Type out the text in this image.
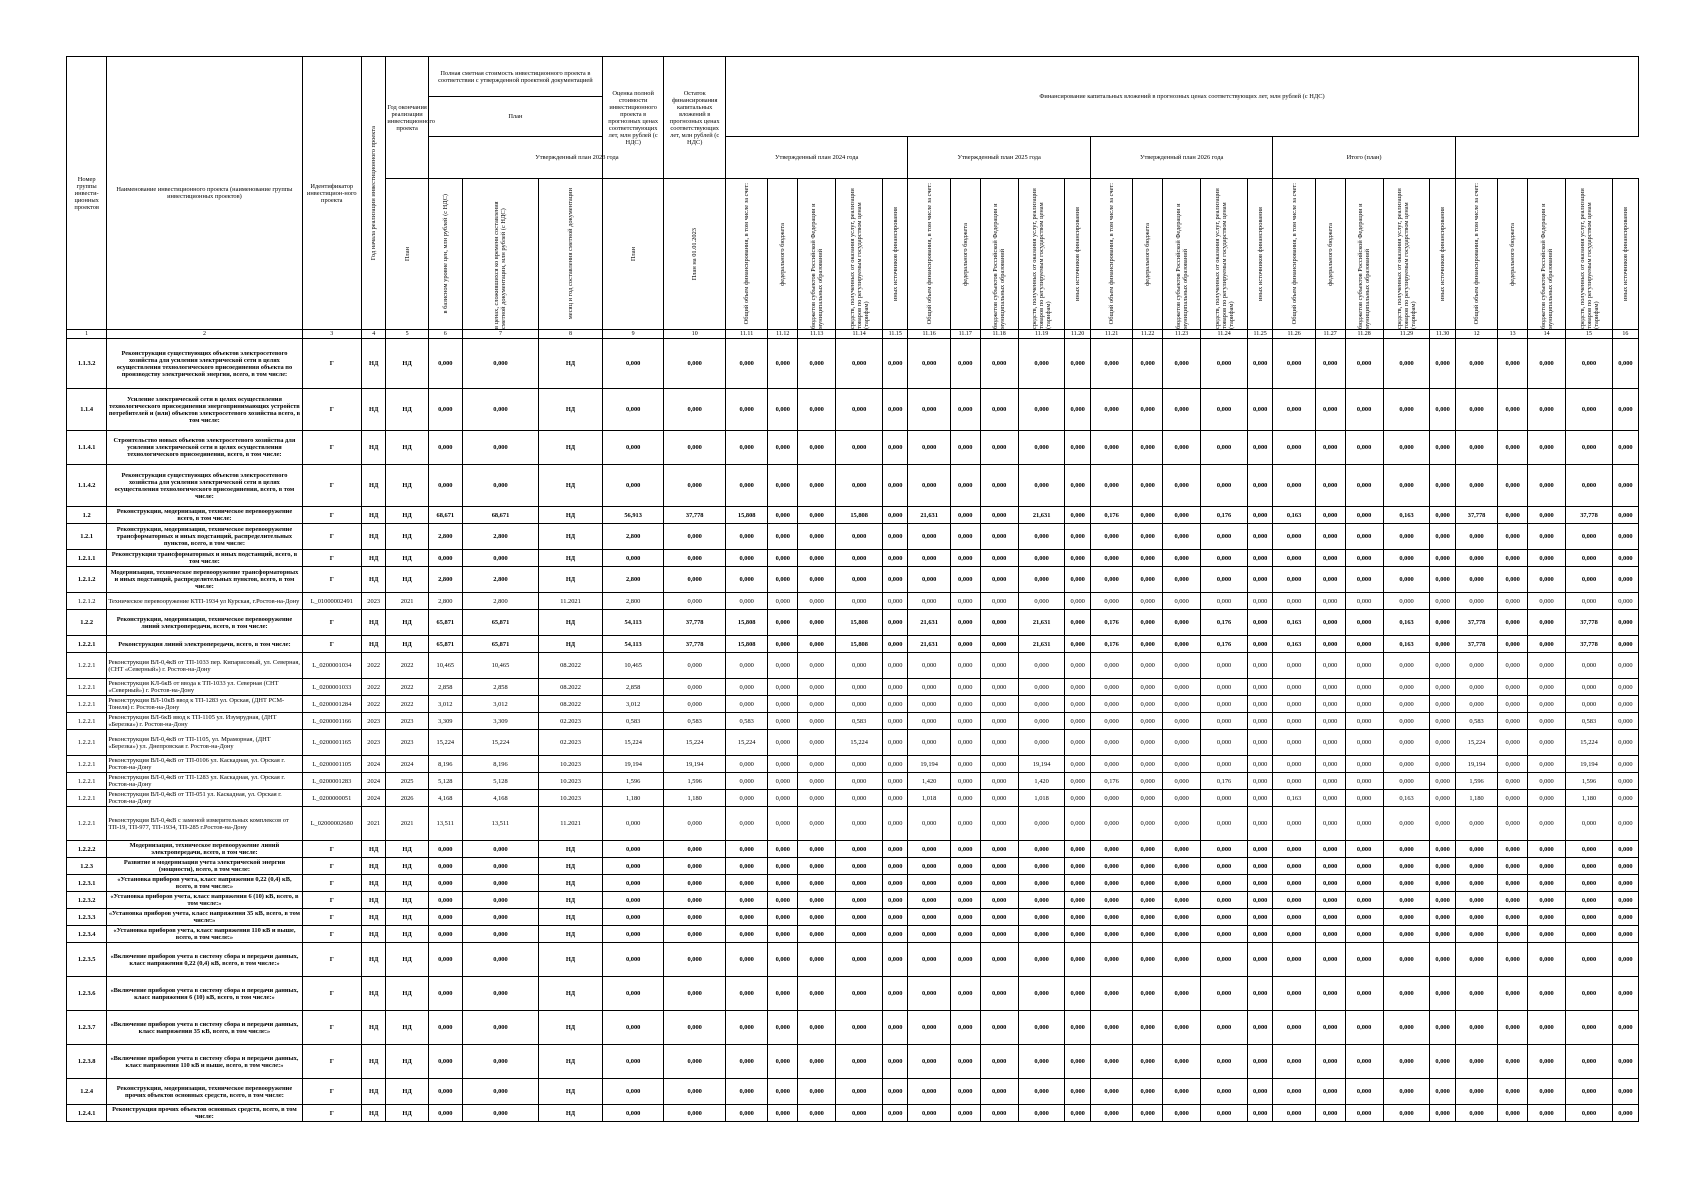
Номер группы инвести-ционных проектов	Наименование инвестиционного проекта (наименование группы инвестиционных проектов)	Идентификатор инвестицион-ного проекта	Год начала реализации инвестиционного проекта	Год окончания реализации инвестиционного проекта	Полная сметная стоимость инвестиционного проекта в соответствии с утвержденной проектной документацией			Оценка полной стоимости инвестиционного проекта в прогнозных ценах соответствующих лет, млн рублей (с НДС)	Остаток финансирования капитальных вложений в прогнозных ценах соответствующих лет, млн рублей (с НДС)	Финансирование капитальных вложений в прогнозных ценах соответствующих лет, млн рублей (с НДС)																								
					План																													
					Утвержденный план 2023 года					Утвержденный план 2024 года					Утвержденный план 2025 года					Утвержденный план 2026 года					Итого (план)									

				План	в базисном уровне цен, млн рублей (с НДС)	в ценах, сложившихся ко времени составления сметной документации, млн рублей (с НДС)	месяц и год составления сметной документации	План	План на 01.01.2023	Общий объем финансирования, в том числе за счет:	федерального бюджета	бюджетов субъектов Российской Федерации и муниципальных образований	средств, полученных от оказания услуг, реализации товаров по регулируемым государством ценам (тарифам)	иных источников финансирования	Общий объем финансирования, в том числе за счет:	федерального бюджета	бюджетов субъектов Российской Федерации и муниципальных образований	средств, полученных от оказания услуг, реализации товаров по регулируемым государством ценам (тарифам)	иных источников финансирования	Общий объем финансирования, в том числе за счет:	федерального бюджета	бюджетов субъектов Российской Федерации и муниципальных образований	средств, полученных от оказания услуг, реализации товаров по регулируемым государством ценам (тарифам)	иных источников финансирования	Общий объем финансирования, в том числе за счет:	федерального бюджета	бюджетов субъектов Российской Федерации и муниципальных образований	средств, полученных от оказания услуг, реализации товаров по регулируемым государством ценам (тарифам)	иных источников финансирования	Общий объем финансирования, в том числе за счет:	федерального бюджета	бюджетов субъектов Российской Федерации и муниципальных образований	средств, полученных от оказания услуг, реализации товаров по регулируемым государством ценам (тарифам)	иных источников финансирования

1	2	3	4	5	6	7	8	9	10	11.11	11.12	11.13	11.14	11.15	11.16	11.17	11.18	11.19	11.20	11.21	11.22	11.23	11.24	11.25	11.26	11.27	11.28	11.29	11.30	12	13	14	15	16
1.1.3.2	Реконструкция существующих объектов электросетевого хозяйства для усиления электрической сети в целях осуществления технологического присоединения объекта по производству электрической энергии, всего, в том числе:	Г	НД	НД	0,000	0,000	НД	0,000	0,000	0,000	0,000	0,000	0,000	0,000	0,000	0,000	0,000	0,000	0,000	0,000	0,000	0,000	0,000	0,000	0,000	0,000	0,000	0,000	0,000	0,000	0,000	0,000	0,000	0,000
1.1.4	Усиление электрической сети в целях осуществления технологического присоединения энергопринимающих устройств потребителей и (или) объектов электросетевого хозяйства всего, в том числе:	Г	НД	НД	0,000	0,000	НД	0,000	0,000	0,000	0,000	0,000	0,000	0,000	0,000	0,000	0,000	0,000	0,000	0,000	0,000	0,000	0,000	0,000	0,000	0,000	0,000	0,000	0,000	0,000	0,000	0,000	0,000	0,000
1.1.4.1	Строительство новых объектов электросетевого хозяйства для усиления электрической сети в целях осуществления технологического присоединения, всего, в том числе:	Г	НД	НД	0,000	0,000	НД	0,000	0,000	0,000	0,000	0,000	0,000	0,000	0,000	0,000	0,000	0,000	0,000	0,000	0,000	0,000	0,000	0,000	0,000	0,000	0,000	0,000	0,000	0,000	0,000	0,000	0,000	0,000
1.1.4.2	Реконструкция существующих объектов электросетевого хозяйства для усиления электрической сети в целях осуществления технологического присоединения, всего, в том числе:	Г	НД	НД	0,000	0,000	НД	0,000	0,000	0,000	0,000	0,000	0,000	0,000	0,000	0,000	0,000	0,000	0,000	0,000	0,000	0,000	0,000	0,000	0,000	0,000	0,000	0,000	0,000	0,000	0,000	0,000	0,000	0,000
1.2	Реконструкция, модернизация, техническое перевооружение всего, в том числе:	Г	НД	НД	68,671	68,671	НД	56,913	37,778	15,808	0,000	0,000	15,808	0,000	21,631	0,000	0,000	21,631	0,000	0,176	0,000	0,000	0,176	0,000	0,163	0,000	0,000	0,163	0,000	37,778	0,000	0,000	37,778	0,000
1.2.1	Реконструкция, модернизация, техническое перевооружение трансформаторных и иных подстанций, распределительных пунктов, всего, в том числе:	Г	НД	НД	2,800	2,800	НД	2,800	0,000	0,000	0,000	0,000	0,000	0,000	0,000	0,000	0,000	0,000	0,000	0,000	0,000	0,000	0,000	0,000	0,000	0,000	0,000	0,000	0,000	0,000	0,000	0,000	0,000	0,000
1.2.1.1	Реконструкция трансформаторных и иных подстанций, всего, в том числе:	Г	НД	НД	0,000	0,000	НД	0,000	0,000	0,000	0,000	0,000	0,000	0,000	0,000	0,000	0,000	0,000	0,000	0,000	0,000	0,000	0,000	0,000	0,000	0,000	0,000	0,000	0,000	0,000	0,000	0,000	0,000	0,000
1.2.1.2	Модернизация, техническое перевооружение трансформаторных и иных подстанций, распределительных пунктов, всего, в том числе:	Г	НД	НД	2,800	2,800	НД	2,800	0,000	0,000	0,000	0,000	0,000	0,000	0,000	0,000	0,000	0,000	0,000	0,000	0,000	0,000	0,000	0,000	0,000	0,000	0,000	0,000	0,000	0,000	0,000	0,000	0,000	0,000
1.2.1.2	Техническое перевооружение КТП-1934 ул Курская, г.Ростов-на-Дону	L_01000002491	2023	2021	2,800	2,800	11.2021	2,800	0,000	0,000	0,000	0,000	0,000	0,000	0,000	0,000	0,000	0,000	0,000	0,000	0,000	0,000	0,000	0,000	0,000	0,000	0,000	0,000	0,000	0,000	0,000	0,000	0,000	0,000
1.2.2	Реконструкция, модернизация, техническое перевооружение линий электропередачи, всего, в том числе:	Г	НД	НД	65,871	65,871	НД	54,113	37,778	15,808	0,000	0,000	15,808	0,000	21,631	0,000	0,000	21,631	0,000	0,176	0,000	0,000	0,176	0,000	0,163	0,000	0,000	0,163	0,000	37,778	0,000	0,000	37,778	0,000
1.2.2.1	Реконструкция линий электропередачи, всего, в том числе:	Г	НД	НД	65,871	65,871	НД	54,113	37,778	15,808	0,000	0,000	15,808	0,000	21,631	0,000	0,000	21,631	0,000	0,176	0,000	0,000	0,176	0,000	0,163	0,000	0,000	0,163	0,000	37,778	0,000	0,000	37,778	0,000
1.2.2.1	Реконструкция ВЛ-0,4кВ от ТП-1033 пер. Кипарисовый, ул. Северная, (СНТ «Северный») г. Ростов-на-Дону	L_0200001034	2022	2022	10,465	10,465	08.2022	10,465	0,000	0,000	0,000	0,000	0,000	0,000	0,000	0,000	0,000	0,000	0,000	0,000	0,000	0,000	0,000	0,000	0,000	0,000	0,000	0,000	0,000	0,000	0,000	0,000	0,000	0,000
1.2.2.1	Реконструкция КЛ-6кВ от ввода к ТП-1033 ул. Северная (СНТ «Северный») г. Ростов-на-Дону	L_0200001033	2022	2022	2,858	2,858	08.2022	2,858	0,000	0,000	0,000	0,000	0,000	0,000	0,000	0,000	0,000	0,000	0,000	0,000	0,000	0,000	0,000	0,000	0,000	0,000	0,000	0,000	0,000	0,000	0,000	0,000	0,000	0,000
1.2.2.1	Реконструкция ВЛ-10кВ ввод к ТП-1283 ул. Орская, (ДНТ РСМ-Тонеля) г. Ростов-на-Дону	L_0200001284	2022	2022	3,012	3,012	08.2022	3,012	0,000	0,000	0,000	0,000	0,000	0,000	0,000	0,000	0,000	0,000	0,000	0,000	0,000	0,000	0,000	0,000	0,000	0,000	0,000	0,000	0,000	0,000	0,000	0,000	0,000	0,000
1.2.2.1	Реконструкция ВЛ-6кВ ввод к ТП-1105 ул. Изумрудная, (ДНТ «Березка») г. Ростов-на-Дону	L_0200001166	2023	2023	3,309	3,309	02.2023	0,583	0,583	0,583	0,000	0,000	0,583	0,000	0,000	0,000	0,000	0,000	0,000	0,000	0,000	0,000	0,000	0,000	0,000	0,000	0,000	0,000	0,000	0,583	0,000	0,000	0,583	0,000
1.2.2.1	Реконструкция ВЛ-0,4кВ от ТП-1105, ул. Мраморная, (ДНТ «Березка») ул. Днепровская г. Ростов-на-Дону	L_0200001165	2023	2023	15,224	15,224	02.2023	15,224	15,224	15,224	0,000	0,000	15,224	0,000	0,000	0,000	0,000	0,000	0,000	0,000	0,000	0,000	0,000	0,000	0,000	0,000	0,000	0,000	0,000	15,224	0,000	0,000	15,224	0,000
1.2.2.1	Реконструкция ВЛ-0,4кВ от ТП-0106 ул. Каскадная, ул. Орская г. Ростов-на-Дону	L_0200001105	2024	2024	8,196	8,196	10.2023	19,194	19,194	0,000	0,000	0,000	0,000	0,000	19,194	0,000	0,000	19,194	0,000	0,000	0,000	0,000	0,000	0,000	0,000	0,000	0,000	0,000	0,000	19,194	0,000	0,000	19,194	0,000
1.2.2.1	Реконструкция ВЛ-0,4кВ от ТП-1283 ул. Каскадная, ул. Орская г. Ростов-на-Дону	L_0200001283	2024	2025	5,128	5,128	10.2023	1,596	1,596	0,000	0,000	0,000	0,000	0,000	1,420	0,000	0,000	1,420	0,000	0,176	0,000	0,000	0,176	0,000	0,000	0,000	0,000	0,000	0,000	1,596	0,000	0,000	1,596	0,000
1.2.2.1	Реконструкция ВЛ-0,4кВ от ТП-051 ул. Каскадная, ул. Орская г. Ростов-на-Дону	L_0200000051	2024	2026	4,168	4,168	10.2023	1,180	1,180	0,000	0,000	0,000	0,000	0,000	1,018	0,000	0,000	1,018	0,000	0,000	0,000	0,000	0,000	0,000	0,163	0,000	0,000	0,163	0,000	1,180	0,000	0,000	1,180	0,000
1.2.2.1	Реконструкция ВЛ-0,4кВ с заменой измерительных комплексов от ТП-19, ТП-977, ТП-1934, ТП-285 г.Ростов-на-Дону	L_02000002680	2021	2021	13,511	13,511	11.2021	0,000	0,000	0,000	0,000	0,000	0,000	0,000	0,000	0,000	0,000	0,000	0,000	0,000	0,000	0,000	0,000	0,000	0,000	0,000	0,000	0,000	0,000	0,000	0,000	0,000	0,000	0,000
1.2.2.2	Модернизация, техническое перевооружение линий электропередачи, всего, в том числе:	Г	НД	НД	0,000	0,000	НД	0,000	0,000	0,000	0,000	0,000	0,000	0,000	0,000	0,000	0,000	0,000	0,000	0,000	0,000	0,000	0,000	0,000	0,000	0,000	0,000	0,000	0,000	0,000	0,000	0,000	0,000	0,000
1.2.3	Развитие и модернизация учета электрической энергии (мощности), всего, в том числе:	Г	НД	НД	0,000	0,000	НД	0,000	0,000	0,000	0,000	0,000	0,000	0,000	0,000	0,000	0,000	0,000	0,000	0,000	0,000	0,000	0,000	0,000	0,000	0,000	0,000	0,000	0,000	0,000	0,000	0,000	0,000	0,000
1.2.3.1	«Установка приборов учета, класс напряжения 0,22 (0,4) кВ, всего, в том числе:»	Г	НД	НД	0,000	0,000	НД	0,000	0,000	0,000	0,000	0,000	0,000	0,000	0,000	0,000	0,000	0,000	0,000	0,000	0,000	0,000	0,000	0,000	0,000	0,000	0,000	0,000	0,000	0,000	0,000	0,000	0,000	0,000
1.2.3.2	«Установка приборов учета, класс напряжения 6 (10) кВ, всего, в том числе:»	Г	НД	НД	0,000	0,000	НД	0,000	0,000	0,000	0,000	0,000	0,000	0,000	0,000	0,000	0,000	0,000	0,000	0,000	0,000	0,000	0,000	0,000	0,000	0,000	0,000	0,000	0,000	0,000	0,000	0,000	0,000	0,000
1.2.3.3	«Установка приборов учета, класс напряжения 35 кВ, всего, в том числе:»	Г	НД	НД	0,000	0,000	НД	0,000	0,000	0,000	0,000	0,000	0,000	0,000	0,000	0,000	0,000	0,000	0,000	0,000	0,000	0,000	0,000	0,000	0,000	0,000	0,000	0,000	0,000	0,000	0,000	0,000	0,000	0,000
1.2.3.4	«Установка приборов учета, класс напряжения 110 кВ и выше, всего, в том числе:»	Г	НД	НД	0,000	0,000	НД	0,000	0,000	0,000	0,000	0,000	0,000	0,000	0,000	0,000	0,000	0,000	0,000	0,000	0,000	0,000	0,000	0,000	0,000	0,000	0,000	0,000	0,000	0,000	0,000	0,000	0,000	0,000
1.2.3.5	«Включение приборов учета в систему сбора и передачи данных, класс напряжения 0,22 (0,4) кВ, всего, в том числе:»	Г	НД	НД	0,000	0,000	НД	0,000	0,000	0,000	0,000	0,000	0,000	0,000	0,000	0,000	0,000	0,000	0,000	0,000	0,000	0,000	0,000	0,000	0,000	0,000	0,000	0,000	0,000	0,000	0,000	0,000	0,000	0,000
1.2.3.6	«Включение приборов учета в систему сбора и передачи данных, класс напряжения 6 (10) кВ, всего, в том числе:»	Г	НД	НД	0,000	0,000	НД	0,000	0,000	0,000	0,000	0,000	0,000	0,000	0,000	0,000	0,000	0,000	0,000	0,000	0,000	0,000	0,000	0,000	0,000	0,000	0,000	0,000	0,000	0,000	0,000	0,000	0,000	0,000
1.2.3.7	«Включение приборов учета в систему сбора и передачи данных, класс напряжения 35 кВ, всего, в том числе:»	Г	НД	НД	0,000	0,000	НД	0,000	0,000	0,000	0,000	0,000	0,000	0,000	0,000	0,000	0,000	0,000	0,000	0,000	0,000	0,000	0,000	0,000	0,000	0,000	0,000	0,000	0,000	0,000	0,000	0,000	0,000	0,000
1.2.3.8	«Включение приборов учета в систему сбора и передачи данных, класс напряжения 110 кВ и выше, всего, в том числе:»	Г	НД	НД	0,000	0,000	НД	0,000	0,000	0,000	0,000	0,000	0,000	0,000	0,000	0,000	0,000	0,000	0,000	0,000	0,000	0,000	0,000	0,000	0,000	0,000	0,000	0,000	0,000	0,000	0,000	0,000	0,000	0,000
1.2.4	Реконструкция, модернизация, техническое перевооружение прочих объектов основных средств, всего, в том числе:	Г	НД	НД	0,000	0,000	НД	0,000	0,000	0,000	0,000	0,000	0,000	0,000	0,000	0,000	0,000	0,000	0,000	0,000	0,000	0,000	0,000	0,000	0,000	0,000	0,000	0,000	0,000	0,000	0,000	0,000	0,000	0,000
1.2.4.1	Реконструкция прочих объектов основных средств, всего, в том числе:	Г	НД	НД	0,000	0,000	НД	0,000	0,000	0,000	0,000	0,000	0,000	0,000	0,000	0,000	0,000	0,000	0,000	0,000	0,000	0,000	0,000	0,000	0,000	0,000	0,000	0,000	0,000	0,000	0,000	0,000	0,000	0,000
